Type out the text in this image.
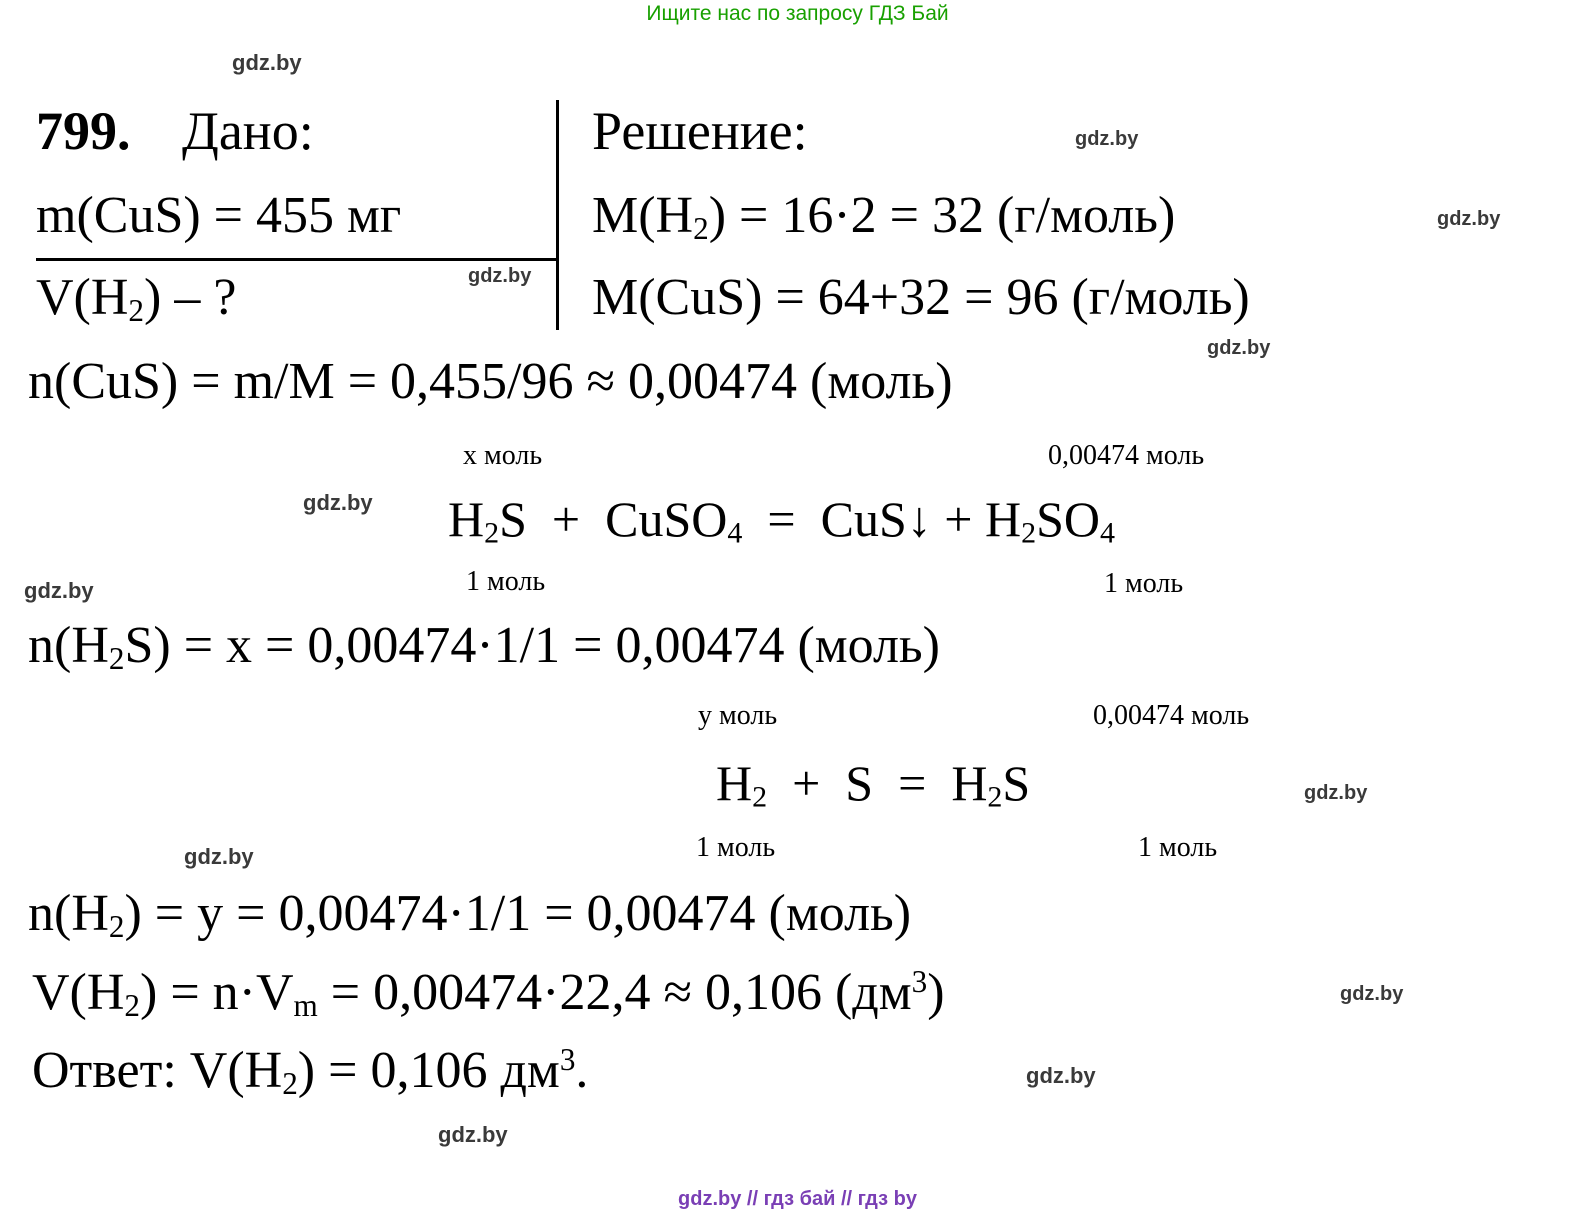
Ищите нас по запросу ГДЗ Бай
gdz.by
gdz.by
gdz.by
gdz.by
gdz.by
gdz.by
gdz.by
gdz.by
gdz.by
gdz.by
gdz.by
gdz.by
799. Дано:	Решение:
m(CuS) = 455 мг
$V(H_2)$ – ?
$M(H_2) = 16\cdot 2 = 32$ (г/моль)
M(CuS) = 64+32 = 96 (г/моль)
n(CuS) = m/M = 0,455/96 ≈ 0,00474 (моль)
х моль	0,00474 моль
$H_2S$  +  CuSO$_4$  =  CuS↓ + $H_2SO_4$
1 моль	1 моль
$n(H_2S) = x = 0,00474\cdot 1/1 = 0,00474$ (моль)
у моль	0,00474 моль
$H_2 + S = H_2S$
1 моль	1 моль
$n(H_2) = y = 0,00474\cdot 1/1 = 0,00474$ (моль)
$V(H_2) = n\cdot V_m = 0,00474\cdot 22,4 \approx 0,106$ $(дм^3)$
Ответ: $V(H_2) = 0,106$ $дм^3$.
gdz.by // гдз бай // гдз by
